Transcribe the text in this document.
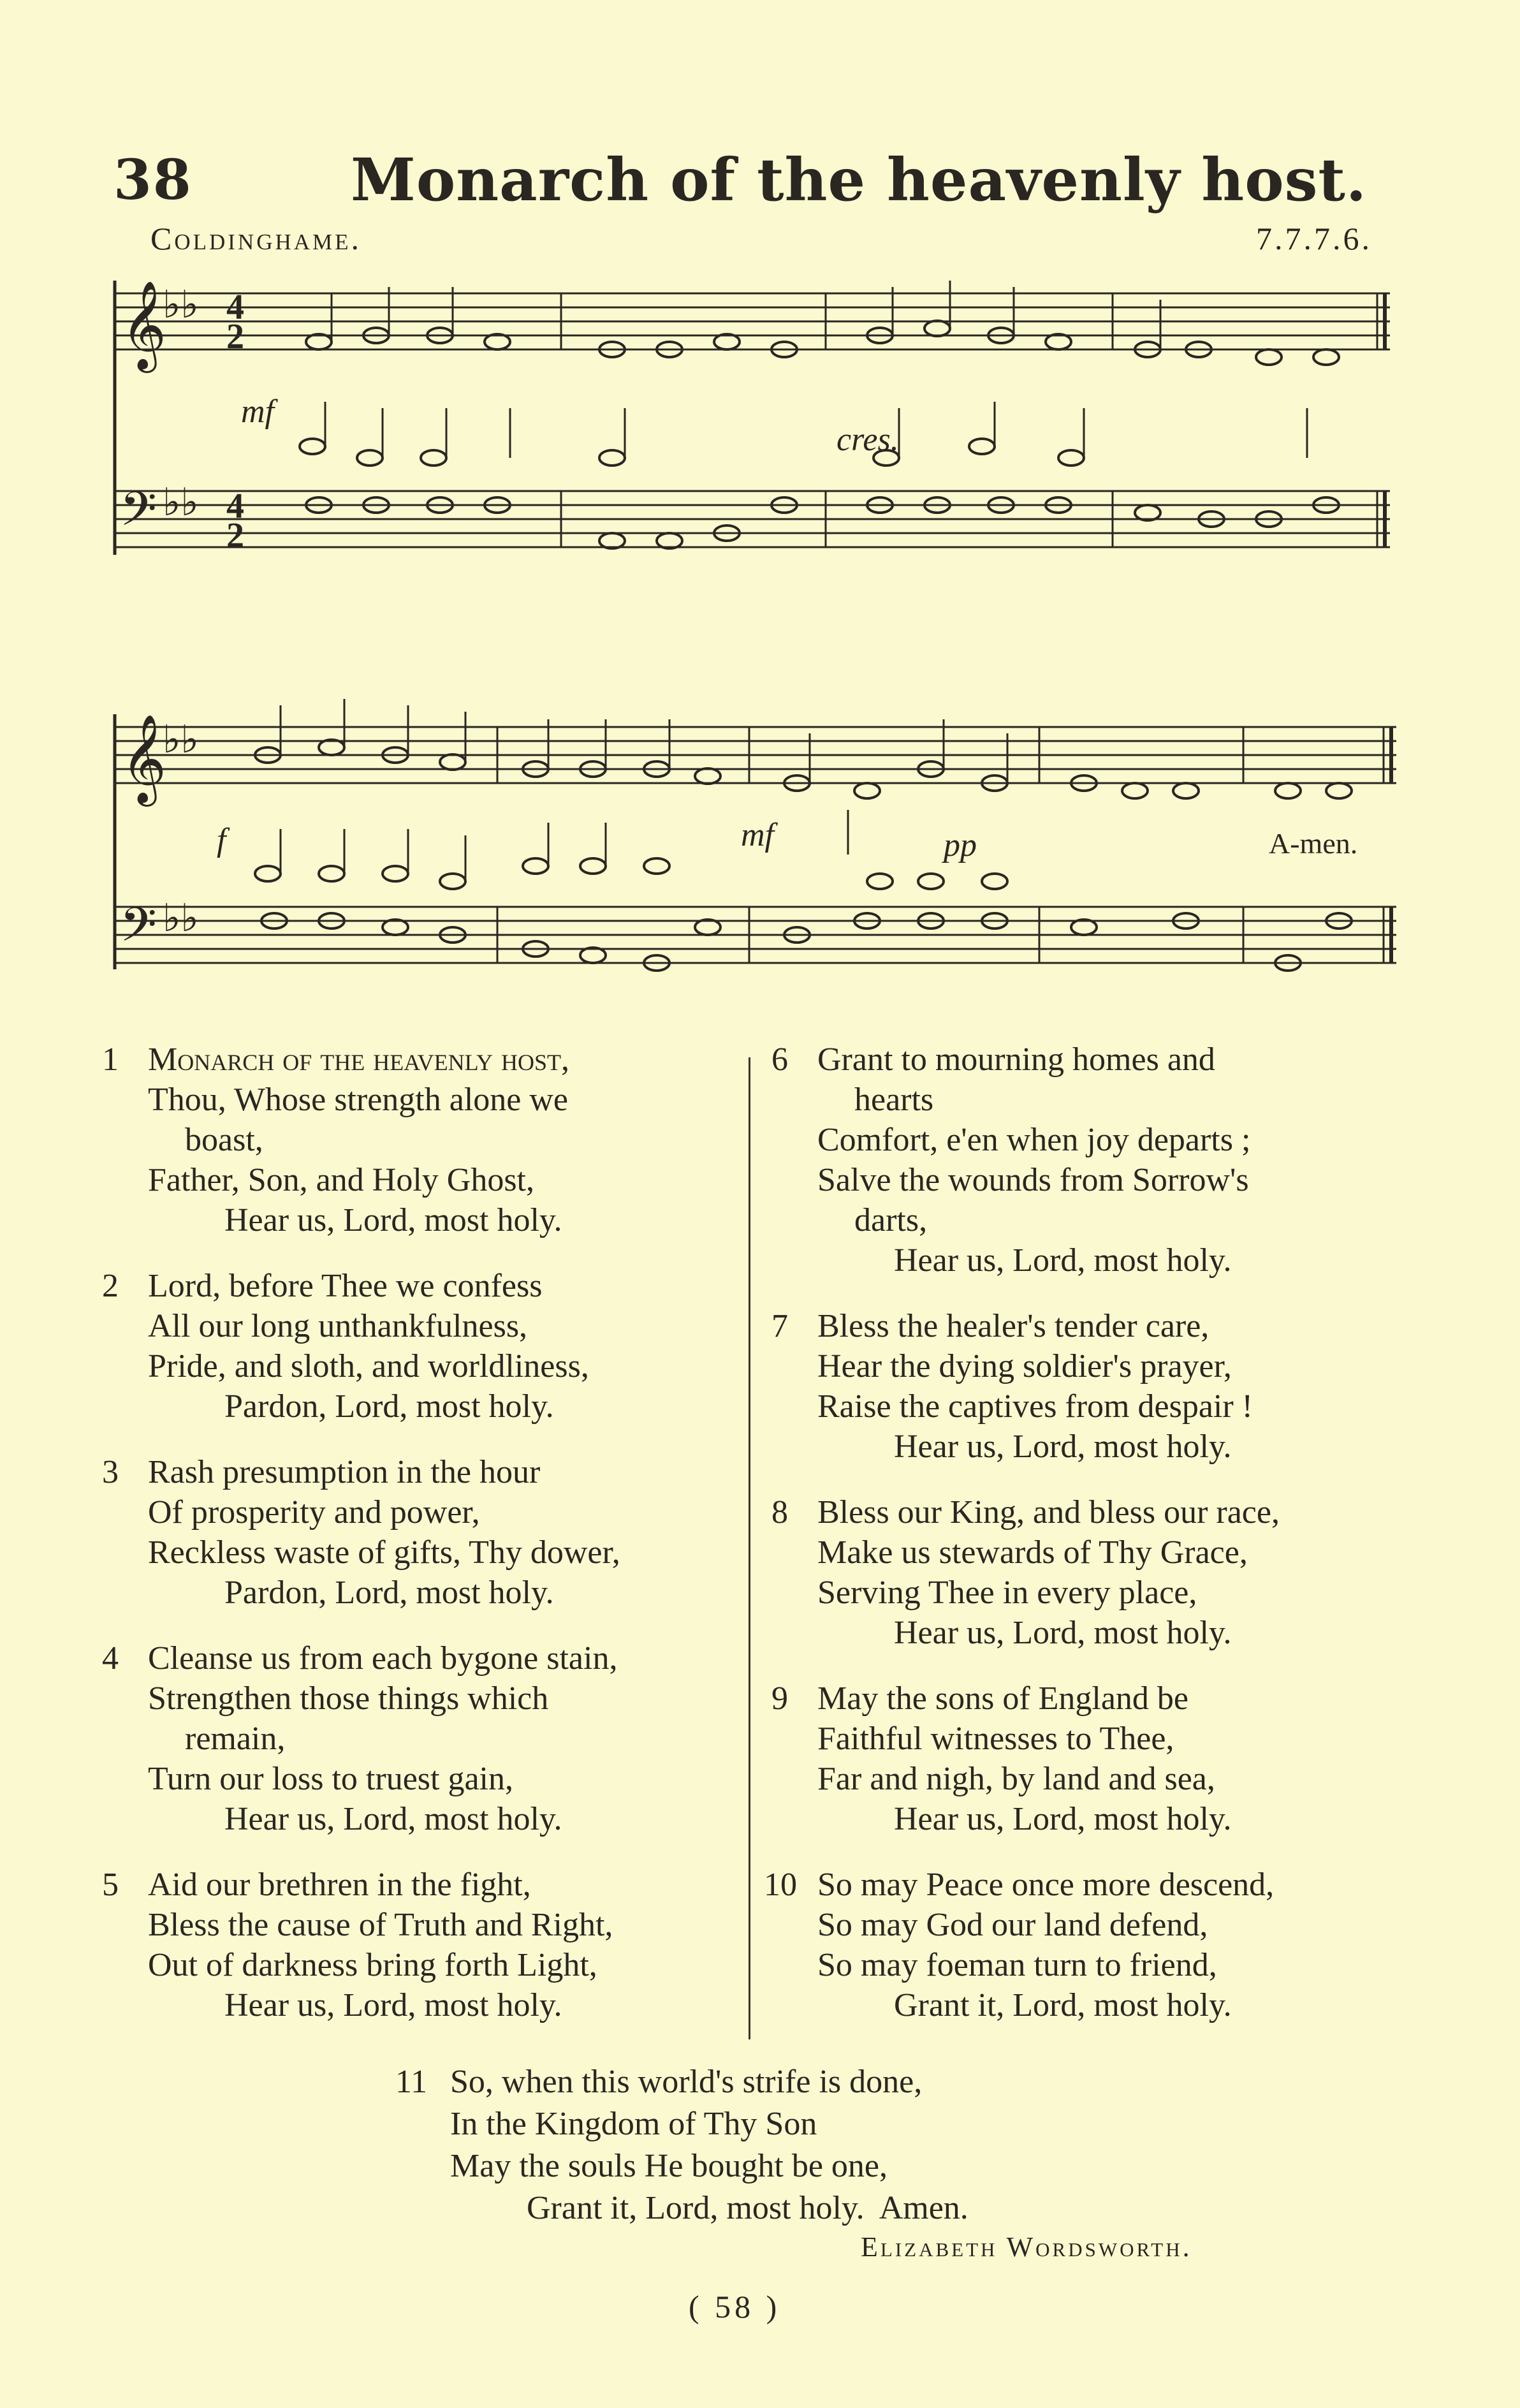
38	Monarch of the heavenly host.
Coldinghame.	7.7.7.6.
𝄞
𝄢
♭♭
♭♭
4
2
4
2
mf
cres.
𝄞
𝄢
♭♭
♭♭
f	mf	pp	A-men.
1 Monarch of the heavenly host,
Thou, Whose strength alone we
boast,
Father, Son, and Holy Ghost,
Hear us, Lord, most holy.
2 Lord, before Thee we confess
All our long unthankfulness,
Pride, and sloth, and worldliness,
Pardon, Lord, most holy.
3 Rash presumption in the hour
Of prosperity and power,
Reckless waste of gifts, Thy dower,
Pardon, Lord, most holy.
4 Cleanse us from each bygone stain,
Strengthen those things which
remain,
Turn our loss to truest gain,
Hear us, Lord, most holy.
5 Aid our brethren in the fight,
Bless the cause of Truth and Right,
Out of darkness bring forth Light,
Hear us, Lord, most holy.
6 Grant to mourning homes and
hearts
Comfort, e'en when joy departs ;
Salve the wounds from Sorrow's
darts,
Hear us, Lord, most holy.
7 Bless the healer's tender care,
Hear the dying soldier's prayer,
Raise the captives from despair !
Hear us, Lord, most holy.
8 Bless our King, and bless our race,
Make us stewards of Thy Grace,
Serving Thee in every place,
Hear us, Lord, most holy.
9 May the sons of England be
Faithful witnesses to Thee,
Far and nigh, by land and sea,
Hear us, Lord, most holy.
10 So may Peace once more descend,
So may God our land defend,
So may foeman turn to friend,
Grant it, Lord, most holy.
11 So, when this world's strife is done,
In the Kingdom of Thy Son
May the souls He bought be one,
Grant it, Lord, most holy.  Amen.
Elizabeth Wordsworth.
( 58 )
